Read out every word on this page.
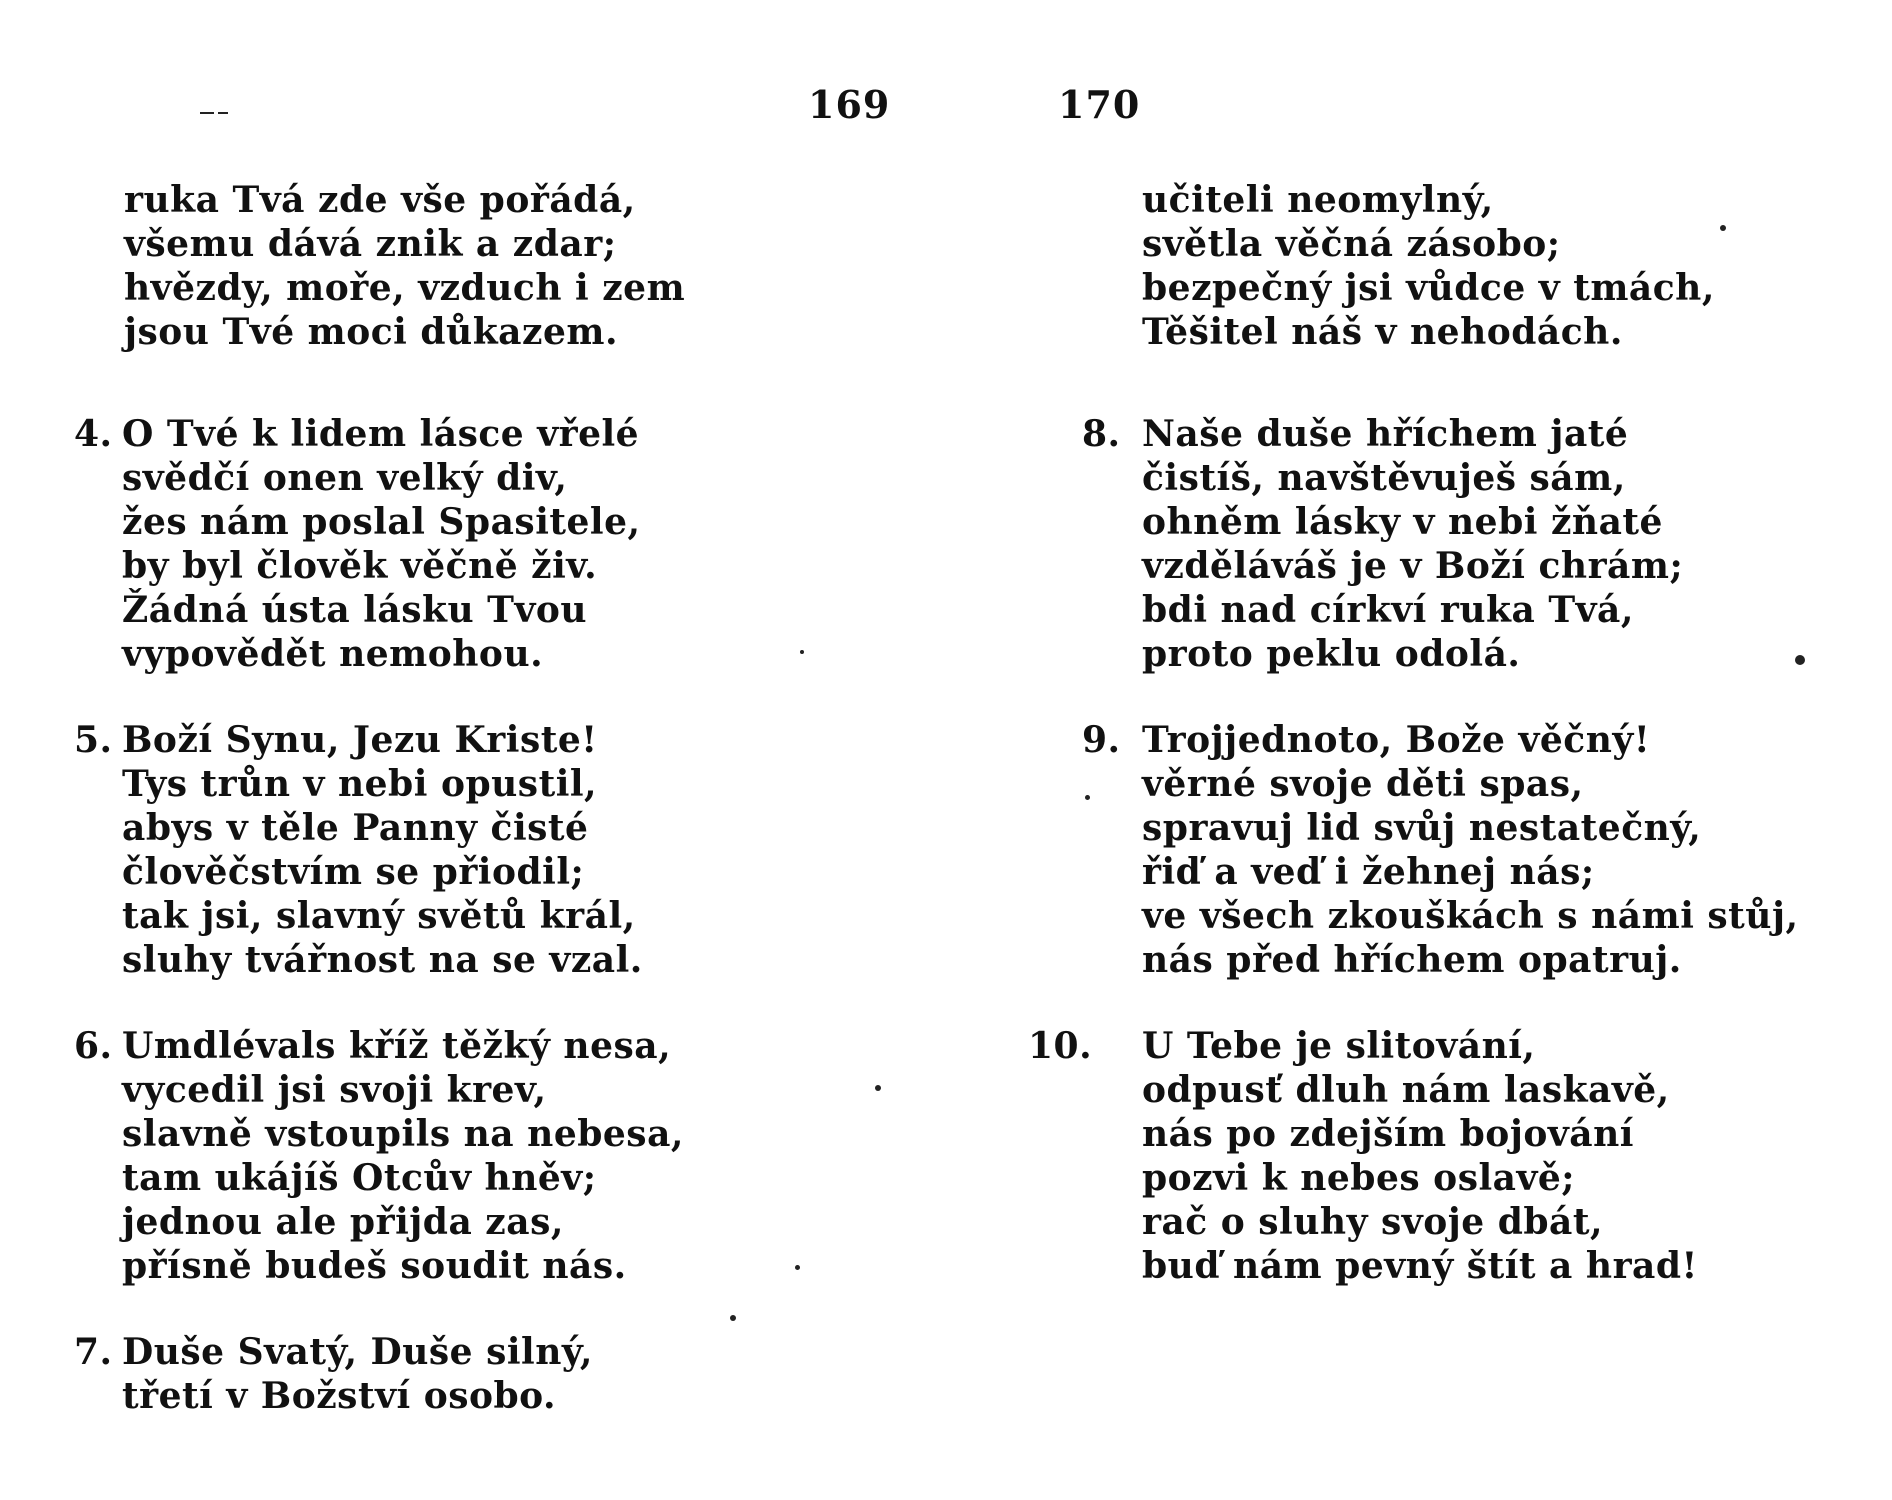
169	170
ruka Tvá zde vše pořádá,
všemu dává znik a zdar;
hvězdy, moře, vzduch i zem
jsou Tvé moci důkazem.
4. O Tvé k lidem lásce vřelé
svědčí onen velký div,
žes nám poslal Spasitele,
by byl člověk věčně živ.
Žádná ústa lásku Tvou
vypovědět nemohou.
5. Boží Synu, Jezu Kriste!
Tys trůn v nebi opustil,
abys v těle Panny čisté
člověčstvím se přiodil;
tak jsi, slavný světů král,
sluhy tvářnost na se vzal.
6. Umdlévals kříž těžký nesa,
vycedil jsi svoji krev,
slavně vstoupils na nebesa,
tam ukájíš Otcův hněv;
jednou ale přijda zas,
přísně budeš soudit nás.
7. Duše Svatý, Duše silný,
třetí v Božství osobo.
učiteli neomylný,
světla věčná zásobo;
bezpečný jsi vůdce v tmách,
Těšitel náš v nehodách.
8. Naše duše hříchem jaté
čistíš, navštěvuješ sám,
ohněm lásky v nebi žňaté
vzděláváš je v Boží chrám;
bdi nad církví ruka Tvá,
proto peklu odolá.
9. Trojjednoto, Bože věčný!
věrné svoje děti spas,
spravuj lid svůj nestatečný,
řiď a veď i žehnej nás;
ve všech zkouškách s námi stůj,
nás před hříchem opatruj.
10. U Tebe je slitování,
odpusť dluh nám laskavě,
nás po zdejším bojování
pozvi k nebes oslavě;
rač o sluhy svoje dbát,
buď nám pevný štít a hrad!
